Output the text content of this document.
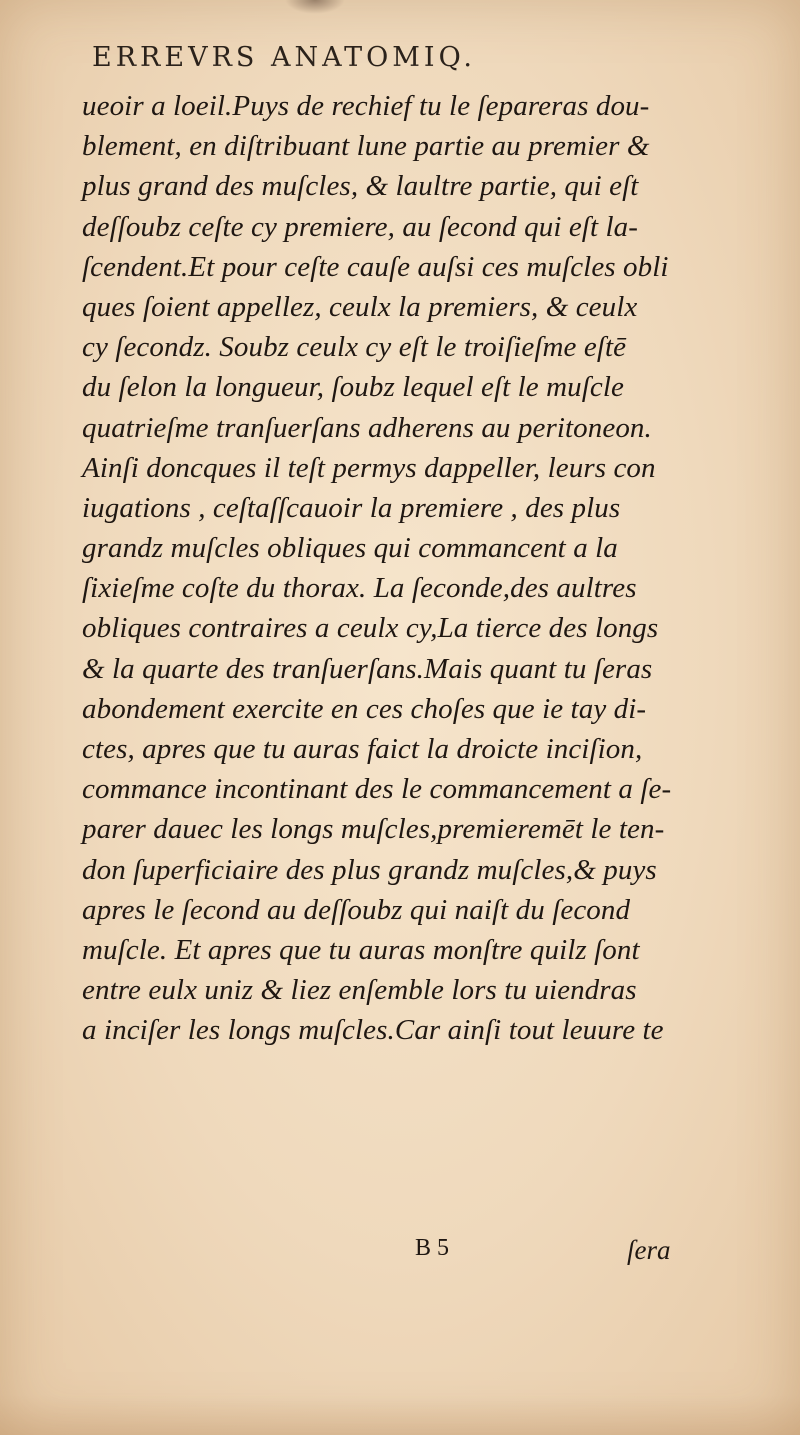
ERREVRS ANATOMIQ.
ueoir a loeil.Puys de rechief tu le ſepareras dou-
blement, en diſtribuant lune partie au premier &
plus grand des muſcles, & laultre partie, qui eſt
deſſoubz ceſte cy premiere, au ſecond qui eſt la-
ſcendent.Et pour ceſte cauſe auſsi ces muſcles obli
ques ſoient appellez, ceulx la premiers, & ceulx
cy ſecondz. Soubz ceulx cy eſt le troiſieſme eſtē
du ſelon la longueur, ſoubz lequel eſt le muſcle
quatrieſme tranſuerſans adherens au peritoneon.
Ainſi doncques il teſt permys dappeller, leurs con
iugations , ceſtaſſcauoir la premiere , des plus
grandz muſcles obliques qui commancent a la
ſixieſme coſte du thorax. La ſeconde,des aultres
obliques contraires a ceulx cy,La tierce des longs
& la quarte des tranſuerſans.Mais quant tu ſeras
abondement exercite en ces choſes que ie tay di-
ctes, apres que tu auras faict la droicte inciſion,
commance incontinant des le commancement a ſe-
parer dauec les longs muſcles,premieremēt le ten-
don ſuperficiaire des plus grandz muſcles,& puys
apres le ſecond au deſſoubz qui naiſt du ſecond
muſcle. Et apres que tu auras monſtre quilz ſont
entre eulx uniz & liez enſemble lors tu uiendras
a inciſer les longs muſcles.Car ainſi tout leuure te
B 5	ſera
